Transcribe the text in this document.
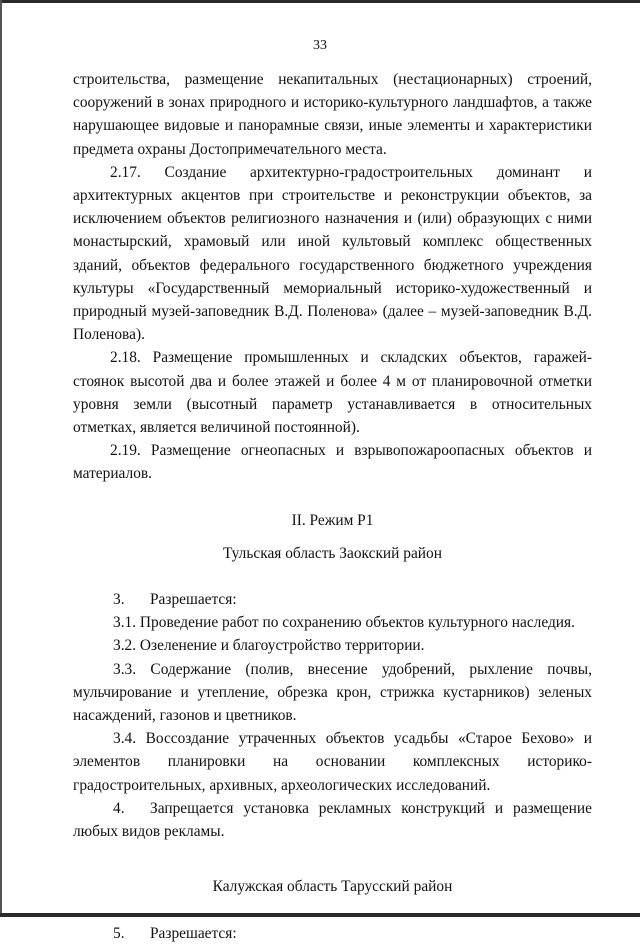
33

строительства, размещение некапитальных (нестационарных) строений, сооружений в зонах природного и историко-культурного ландшафтов, а также нарушающее видовые и панорамные связи, иные элементы и характеристики предмета охраны Достопримечательного места.

2.17. Создание архитектурно-градостроительных доминант и архитектурных акцентов при строительстве и реконструкции объектов, за исключением объектов религиозного назначения и (или) образующих с ними монастырский, храмовый или иной культовый комплекс общественных зданий, объектов федерального государственного бюджетного учреждения культуры «Государственный мемориальный историко-художественный и природный музей-заповедник В.Д. Поленова» (далее – музей-заповедник В.Д. Поленова).

2.18. Размещение промышленных и складских объектов, гаражей-стоянок высотой два и более этажей и более 4 м от планировочной отметки уровня земли (высотный параметр устанавливается в относительных отметках, является величиной постоянной).

2.19. Размещение огнеопасных и взрывопожароопасных объектов и материалов.

II. Режим Р1

Тульская область Заокский район

3. Разрешается:

3.1. Проведение работ по сохранению объектов культурного наследия.

3.2. Озеленение и благоустройство территории.

3.3. Содержание (полив, внесение удобрений, рыхление почвы, мульчирование и утепление, обрезка крон, стрижка кустарников) зеленых насаждений, газонов и цветников.

3.4. Воссоздание утраченных объектов усадьбы «Старое Бехово» и элементов планировки на основании комплексных историко-градостроительных, архивных, археологических исследований.

4. Запрещается установка рекламных конструкций и размещение любых видов рекламы.

Калужская область Тарусский район

5. Разрешается:
